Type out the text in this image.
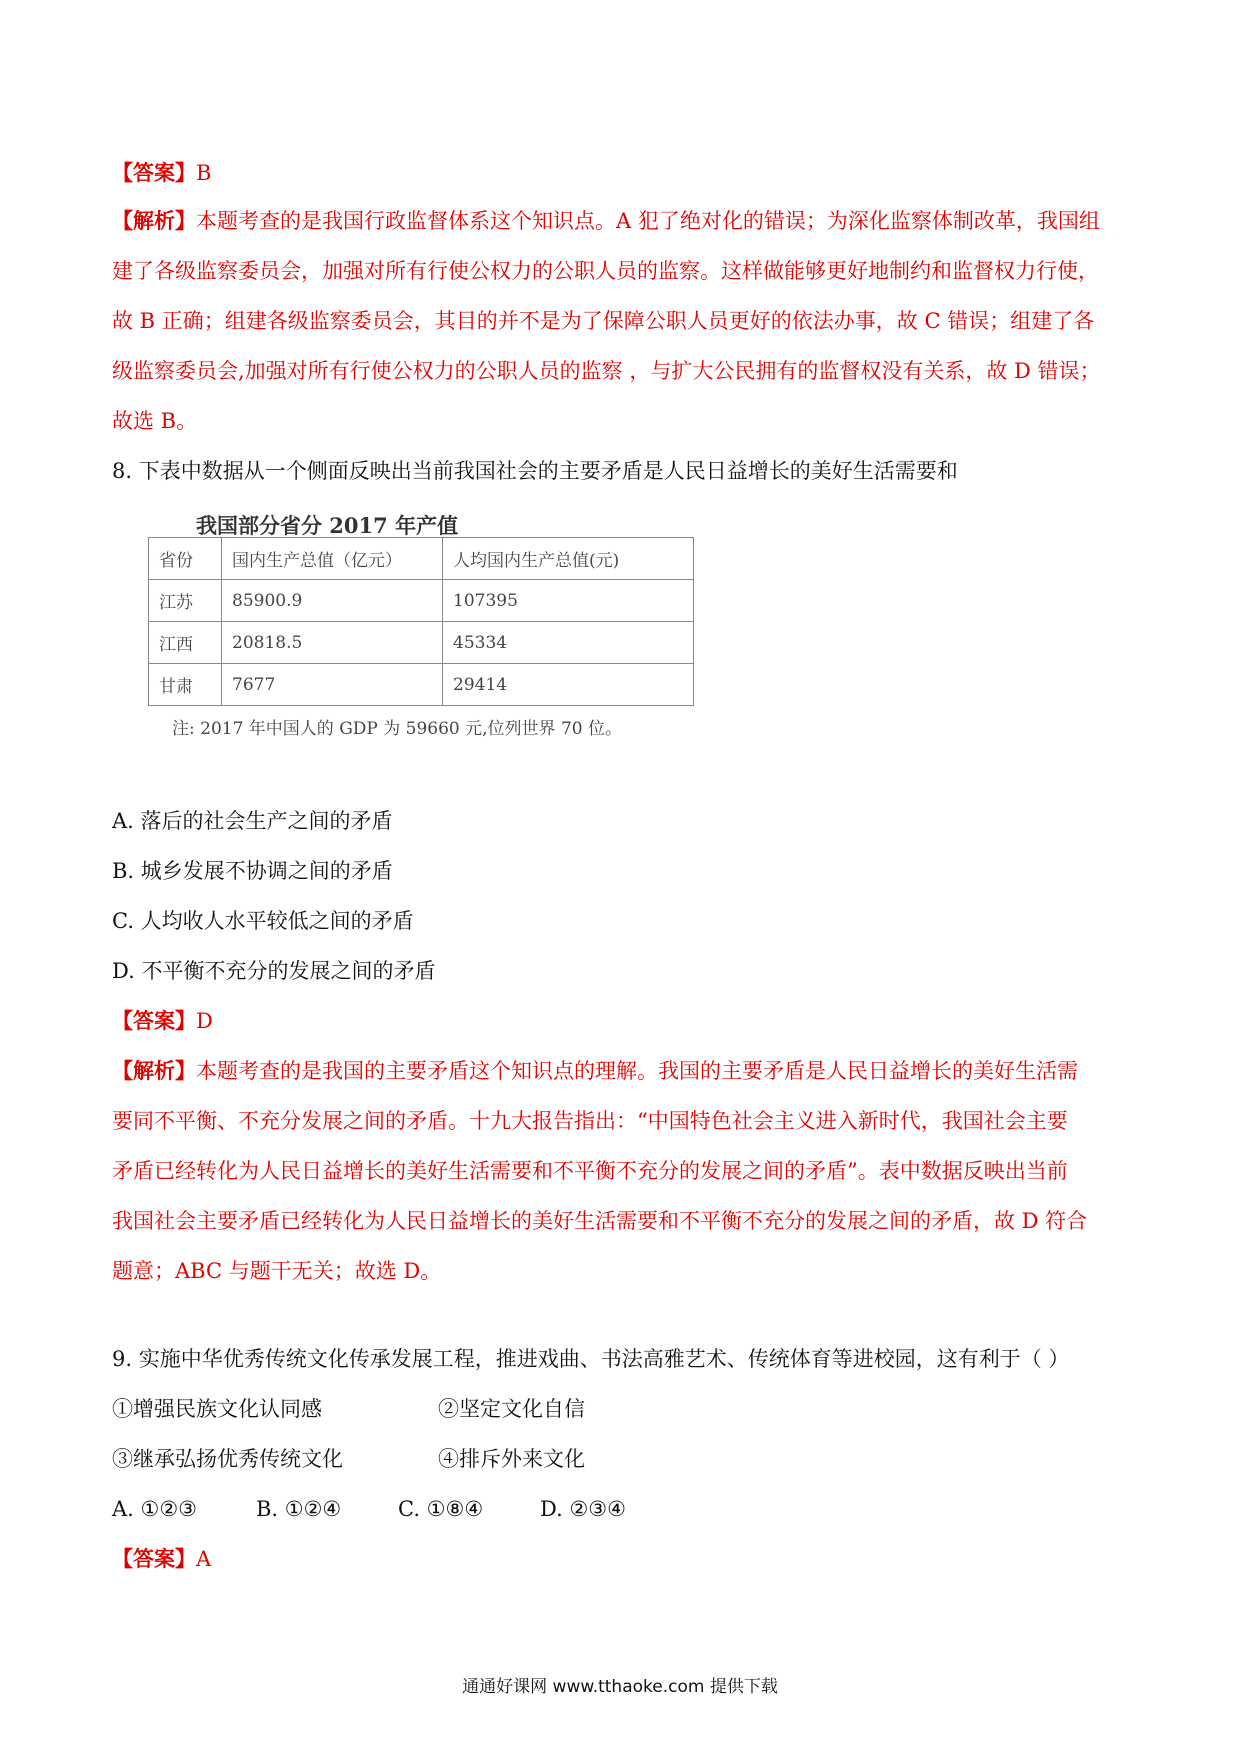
【答案】B
【解析】本题考查的是我国行政监督体系这个知识点。A 犯了绝对化的错误；为深化监察体制改革，我国组
建了各级监察委员会，加强对所有行使公权力的公职人员的监察。这样做能够更好地制约和监督权力行使，
故 B 正确；组建各级监察委员会，其目的并不是为了保障公职人员更好的依法办事，故 C 错误；组建了各
级监察委员会,加强对所有行使公权力的公职人员的监察 ，与扩大公民拥有的监督权没有关系，故 D 错误；
故选 B。
8. 下表中数据从一个侧面反映出当前我国社会的主要矛盾是人民日益增长的美好生活需要和
我国部分省分 2017 年产值
省份	国内生产总值（亿元）	人均国内生产总值(元)
江苏	85900.9	107395
江西	20818.5	45334
甘肃	7677	29414
注: 2017 年中国人的 GDP 为 59660 元,位列世界 70 位。
A. 落后的社会生产之间的矛盾
B. 城乡发展不协调之间的矛盾
C. 人均收人水平较低之间的矛盾
D. 不平衡不充分的发展之间的矛盾
【答案】D
【解析】本题考查的是我国的主要矛盾这个知识点的理解。我国的主要矛盾是人民日益增长的美好生活需
要同不平衡、不充分发展之间的矛盾。十九大报告指出：“中国特色社会主义进入新时代，我国社会主要
矛盾已经转化为人民日益增长的美好生活需要和不平衡不充分的发展之间的矛盾”。表中数据反映出当前
我国社会主要矛盾已经转化为人民日益增长的美好生活需要和不平衡不充分的发展之间的矛盾，故 D 符合
题意；ABC 与题干无关；故选 D。
9. 实施中华优秀传统文化传承发展工程，推进戏曲、书法高雅艺术、传统体育等进校园，这有利于（ ）
①增强民族文化认同感	②坚定文化自信
③继承弘扬优秀传统文化	④排斥外来文化
A. ①②③	B. ①②④	C. ①⑧④	D. ②③④
【答案】A
通通好课网 www.tthaoke.com 提供下载
